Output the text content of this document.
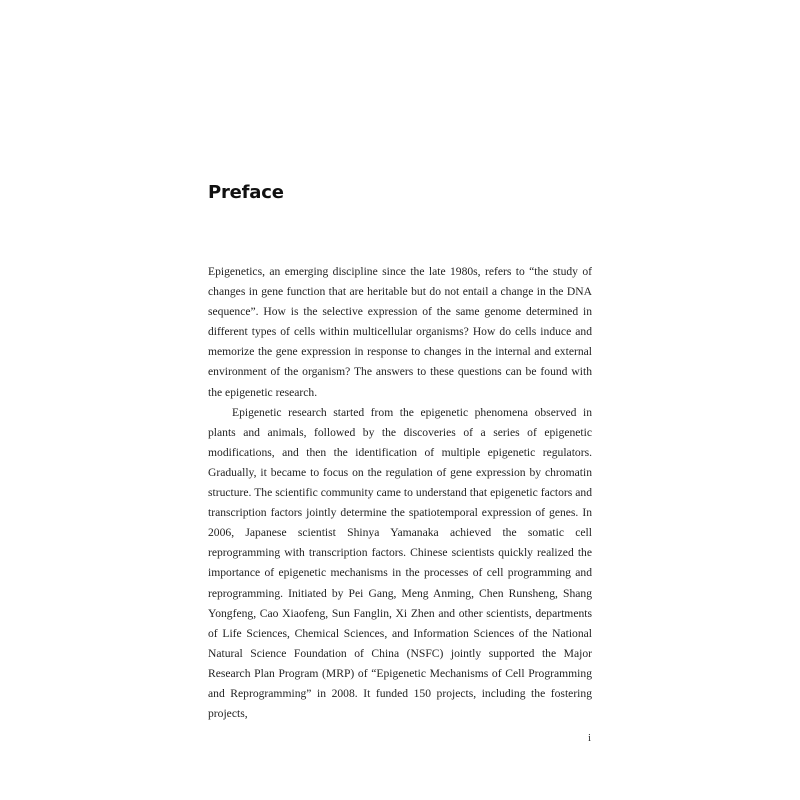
Preface

Epigenetics, an emerging discipline since the late 1980s, refers to “the study of changes in gene function that are heritable but do not entail a change in the DNA sequence”. How is the selective expression of the same genome determined in different types of cells within multicellular organisms? How do cells induce and memorize the gene expression in response to changes in the internal and external environment of the organism? The answers to these questions can be found with the epigenetic research.

Epigenetic research started from the epigenetic phenomena observed in plants and animals, followed by the discoveries of a series of epigenetic modifications, and then the identification of multiple epigenetic regulators. Gradually, it became to focus on the regulation of gene expression by chromatin structure. The scientific community came to understand that epigenetic factors and transcription factors jointly determine the spatiotemporal expression of genes. In 2006, Japanese scientist Shinya Yamanaka achieved the somatic cell reprogramming with transcription factors. Chinese scientists quickly realized the importance of epigenetic mechanisms in the processes of cell programming and reprogramming. Initiated by Pei Gang, Meng Anming, Chen Runsheng, Shang Yongfeng, Cao Xiaofeng, Sun Fanglin, Xi Zhen and other scientists, departments of Life Sciences, Chemical Sciences, and Information Sciences of the National Natural Science Foundation of China (NSFC) jointly supported the Major Research Plan Program (MRP) of “Epigenetic Mechanisms of Cell Programming and Reprogramming” in 2008. It funded 150 projects, including the fostering projects,

i
